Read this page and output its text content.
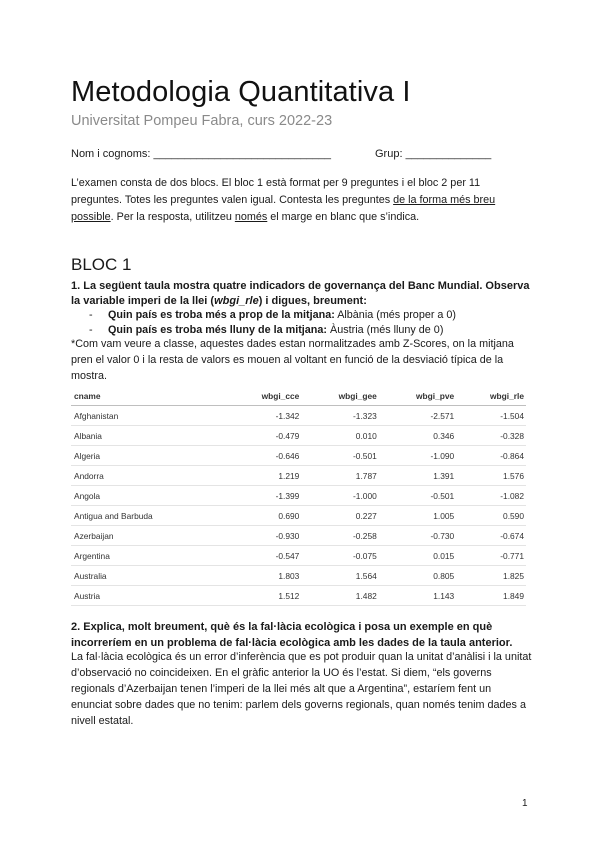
Metodologia Quantitativa I

Universitat Pompeu Fabra, curs 2022-23

Nom i cognoms: _____________________________	Grup: ______________

L’examen consta de dos blocs. El bloc 1 està format per 9 preguntes i el bloc 2 per 11 preguntes. Totes les preguntes valen igual. Contesta les preguntes de la forma més breu possible. Per la resposta, utilitzeu només el marge en blanc que s’indica.

BLOC 1

1. La següent taula mostra quatre indicadors de governança del Banc Mundial. Observa la variable imperi de la llei (wbgi_rle) i digues, breument:

- Quin país es troba més a prop de la mitjana: Albània (més proper a 0)
- Quin país es troba més lluny de la mitjana: Àustria (més lluny de 0)

*Com vam veure a classe, aquestes dades estan normalitzades amb Z-Scores, on la mitjana pren el valor 0 i la resta de valors es mouen al voltant en funció de la desviació típica de la mostra.

cname	wbgi_cce	wbgi_gee	wbgi_pve	wbgi_rle
Afghanistan	-1.342	-1.323	-2.571	-1.504
Albania	-0.479	0.010	0.346	-0.328
Algeria	-0.646	-0.501	-1.090	-0.864
Andorra	1.219	1.787	1.391	1.576
Angola	-1.399	-1.000	-0.501	-1.082
Antigua and Barbuda	0.690	0.227	1.005	0.590
Azerbaijan	-0.930	-0.258	-0.730	-0.674
Argentina	-0.547	-0.075	0.015	-0.771
Australia	1.803	1.564	0.805	1.825
Austria	1.512	1.482	1.143	1.849

2. Explica, molt breument, què és la fal·làcia ecològica i posa un exemple en què incorreríem en un problema de fal·làcia ecològica amb les dades de la taula anterior.

La fal·làcia ecològica és un error d’inferència que es pot produir quan la unitat d’anàlisi i la unitat d’observació no coincideixen. En el gràfic anterior la UO és l’estat. Si diem, “els governs regionals d’Azerbaijan tenen l’imperi de la llei més alt que a Argentina”, estaríem fent un enunciat sobre dades que no tenim: parlem dels governs regionals, quan només tenim dades a nivell estatal.

1
